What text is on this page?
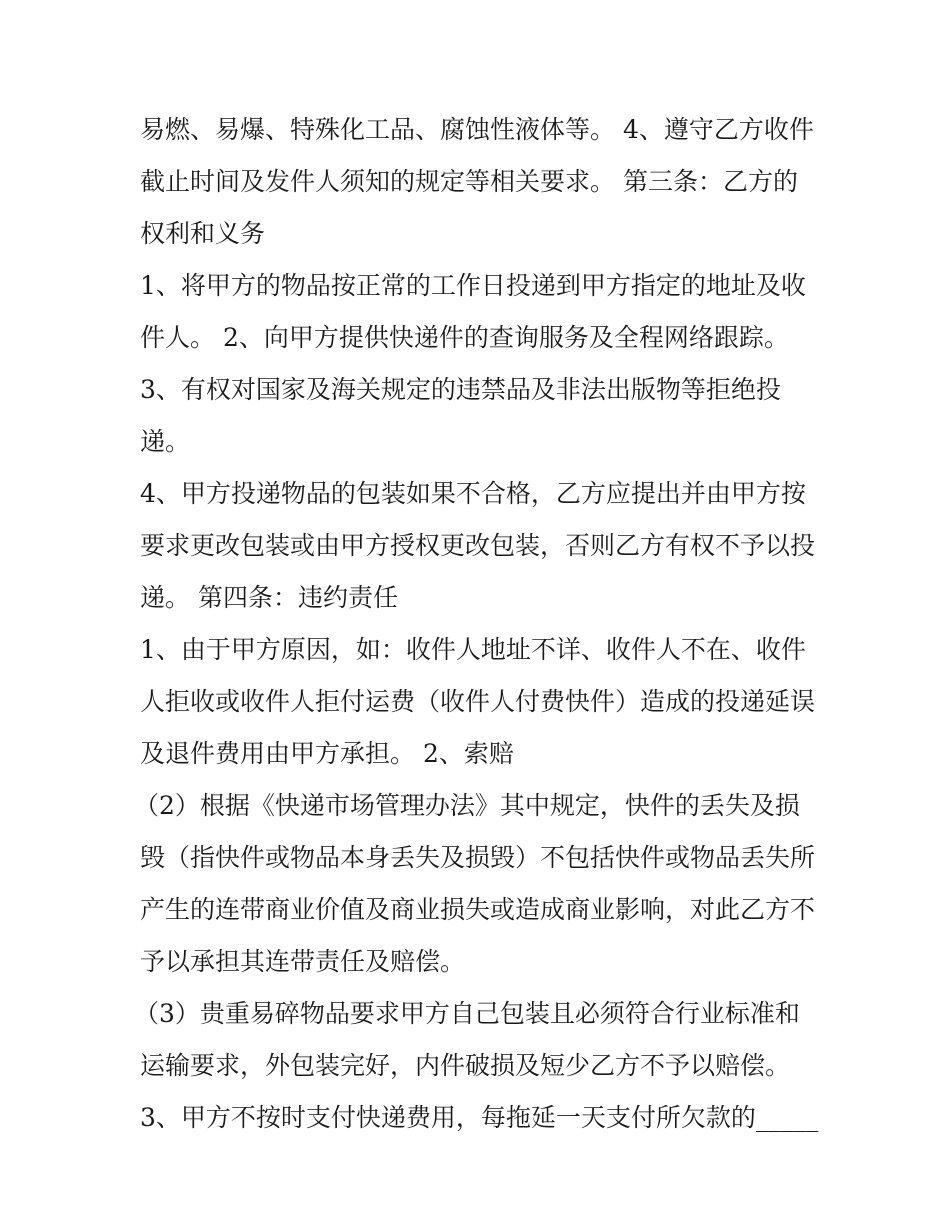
易燃、易爆、特殊化工品、腐蚀性液体等。 4、遵守乙方收件
截止时间及发件人须知的规定等相关要求。 第三条：乙方的
权利和义务
1、将甲方的物品按正常的工作日投递到甲方指定的地址及收
件人。 2、向甲方提供快递件的查询服务及全程网络跟踪。
3、有权对国家及海关规定的违禁品及非法出版物等拒绝投
递。
4、甲方投递物品的包装如果不合格，乙方应提出并由甲方按
要求更改包装或由甲方授权更改包装，否则乙方有权不予以投
递。 第四条：违约责任
1、由于甲方原因，如：收件人地址不详、收件人不在、收件
人拒收或收件人拒付运费（收件人付费快件）造成的投递延误
及退件费用由甲方承担。 2、索赔
（2）根据《快递市场管理办法》其中规定，快件的丢失及损
毁（指快件或物品本身丢失及损毁）不包括快件或物品丢失所
产生的连带商业价值及商业损失或造成商业影响，对此乙方不
予以承担其连带责任及赔偿。
（3）贵重易碎物品要求甲方自己包装且必须符合行业标准和
运输要求，外包装完好，内件破损及短少乙方不予以赔偿。
3、甲方不按时支付快递费用，每拖延一天支付所欠款的_____
